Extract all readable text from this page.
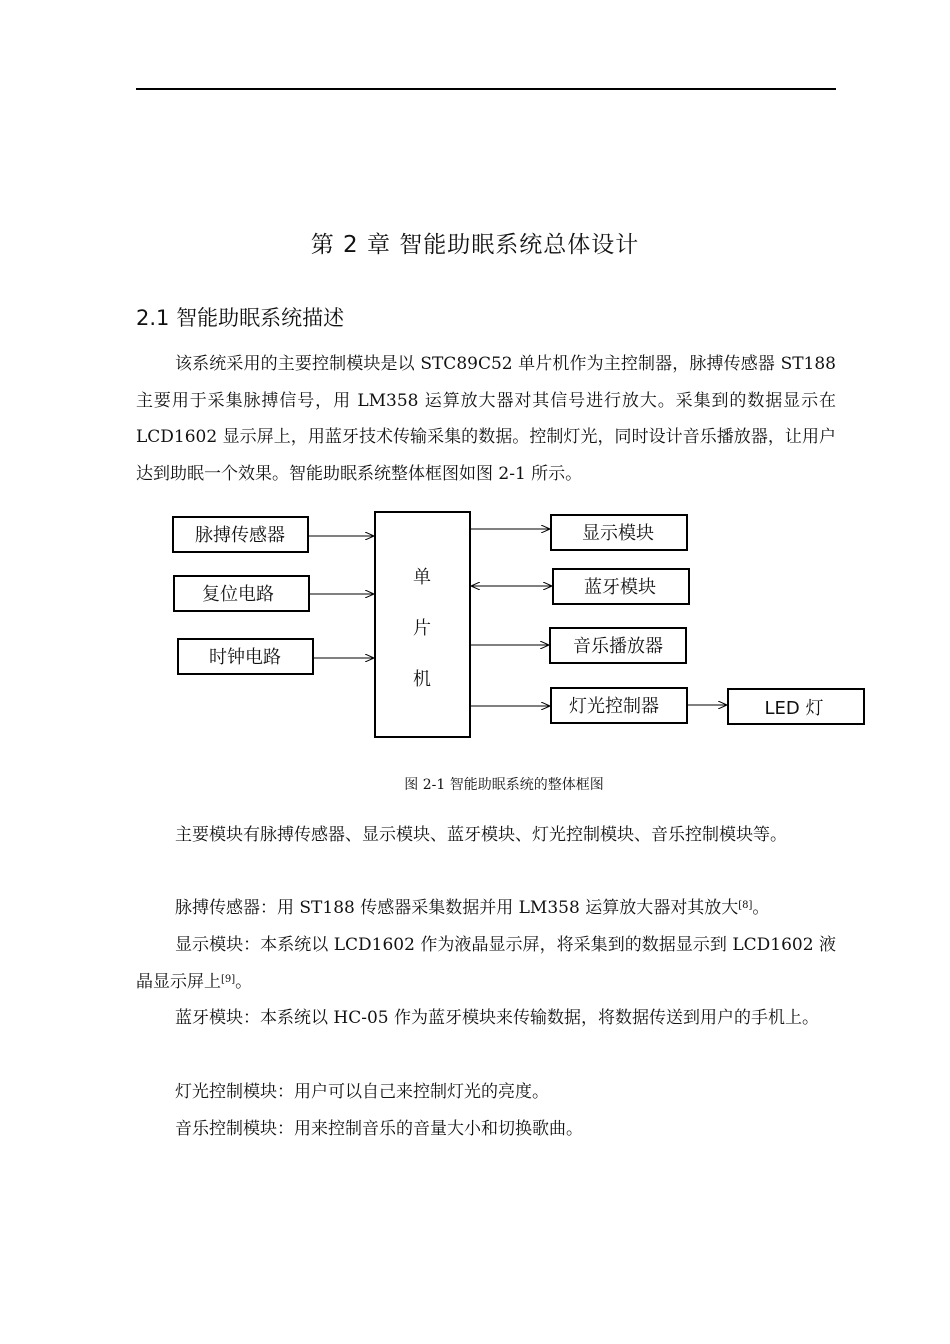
第 2 章 智能助眠系统总体设计
2.1 智能助眠系统描述

该系统采用的主要控制模块是以 STC89C52 单片机作为主控制器，脉搏传感器 ST188 主要用于采集脉搏信号，用 LM358 运算放大器对其信号进行放大。采集到的数据显示在 LCD1602 显示屏上，用蓝牙技术传输采集的数据。控制灯光，同时设计音乐播放器，让用户达到助眠一个效果。智能助眠系统整体框图如图 2-1 所示。

脉搏传感器
复位电路
时钟电路
单
片
机
显示模块
蓝牙模块
音乐播放器
灯光控制器	LED 灯
图 2-1 智能助眠系统的整体框图

主要模块有脉搏传感器、显示模块、蓝牙模块、灯光控制模块、音乐控制模块等。

脉搏传感器：用 ST188 传感器采集数据并用 LM358 运算放大器对其放大[8]。

显示模块：本系统以 LCD1602 作为液晶显示屏，将采集到的数据显示到 LCD1602 液晶显示屏上[9]。

蓝牙模块：本系统以 HC-05 作为蓝牙模块来传输数据，将数据传送到用户的手机上。

灯光控制模块：用户可以自己来控制灯光的亮度。

音乐控制模块：用来控制音乐的音量大小和切换歌曲。
